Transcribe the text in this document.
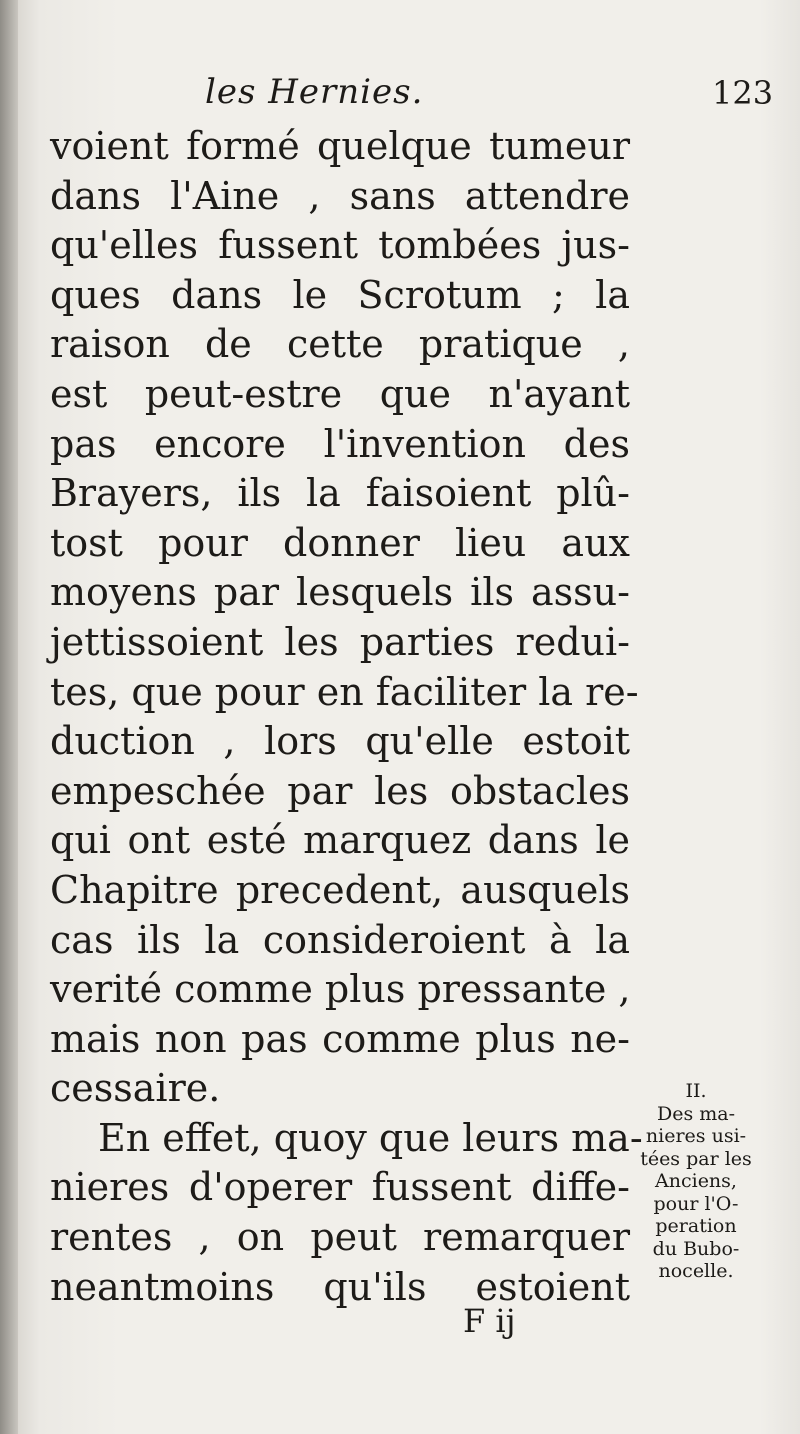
les Hernies.	123
voient formé quelque tumeur
dans l'Aine , sans attendre
qu'elles fussent tombées jus-
ques dans le Scrotum ; la
raison de cette pratique ,
est peut-estre que n'ayant
pas encore l'invention des
Brayers, ils la faisoient plû-
tost pour donner lieu aux
moyens par lesquels ils assu-
jettissoient les parties redui-
tes, que pour en faciliter la re-
duction , lors qu'elle estoit
empeschée par les obstacles
qui ont esté marquez dans le
Chapitre precedent, ausquels
cas ils la consideroient à la
verité comme plus pressante ,
mais non pas comme plus ne-
cessaire.
En effet, quoy que leurs ma-
nieres d'operer fussent diffe-
rentes , on peut remarquer
neantmoins qu'ils estoient
II.
Des ma-
nieres usi-
tées par les
Anciens,
pour l'O-
peration
du Bubo-
nocelle.
F ij
